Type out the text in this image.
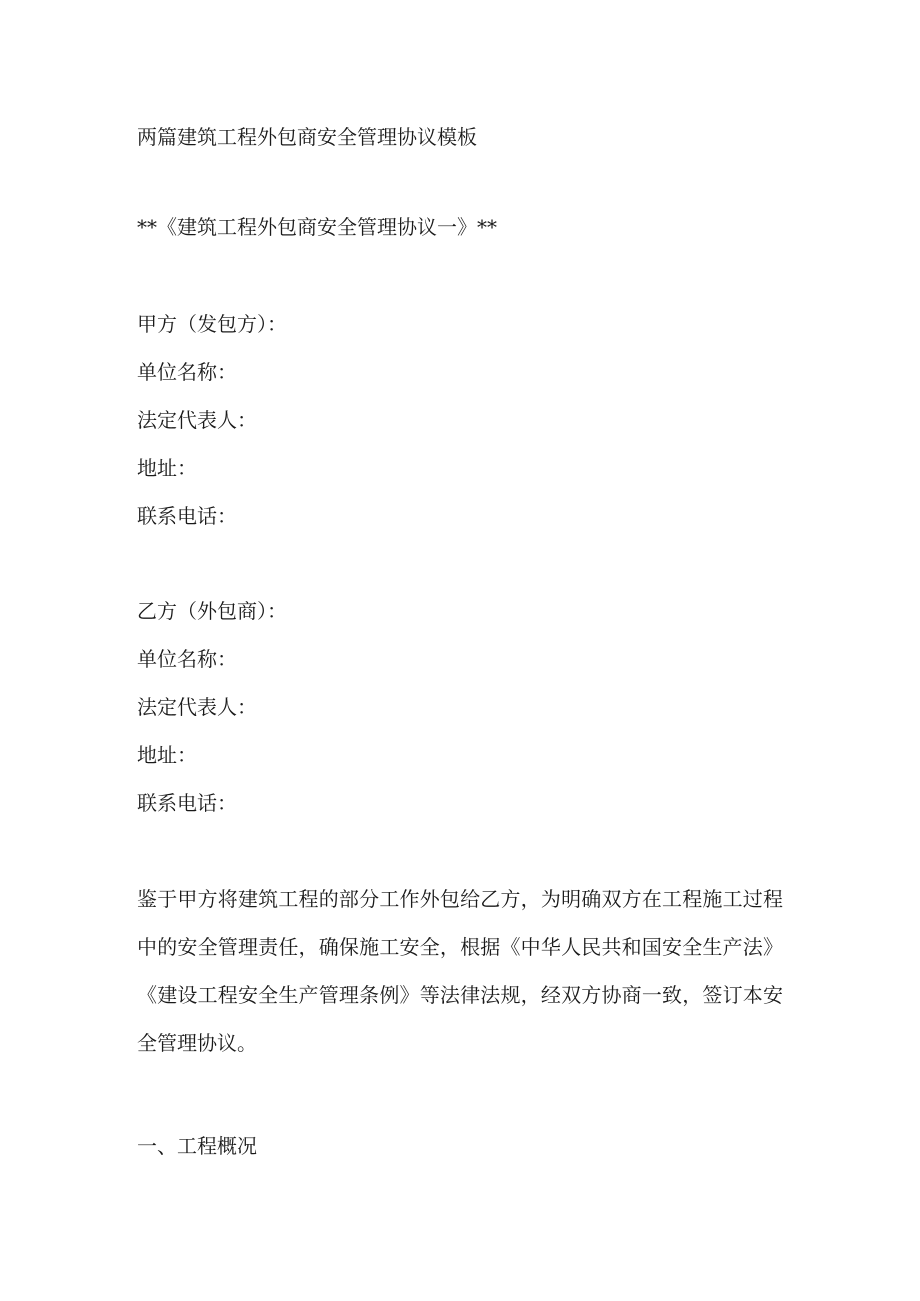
两篇建筑工程外包商安全管理协议模板
**《建筑工程外包商安全管理协议一》**
甲方（发包方）：
单位名称：
法定代表人：
地址：
联系电话：
乙方（外包商）：
单位名称：
法定代表人：
地址：
联系电话：
鉴于甲方将建筑工程的部分工作外包给乙方，为明确双方在工程施工过程
中的安全管理责任，确保施工安全，根据《中华人民共和国安全生产法》
《建设工程安全生产管理条例》等法律法规，经双方协商一致，签订本安
全管理协议。
一、工程概况
